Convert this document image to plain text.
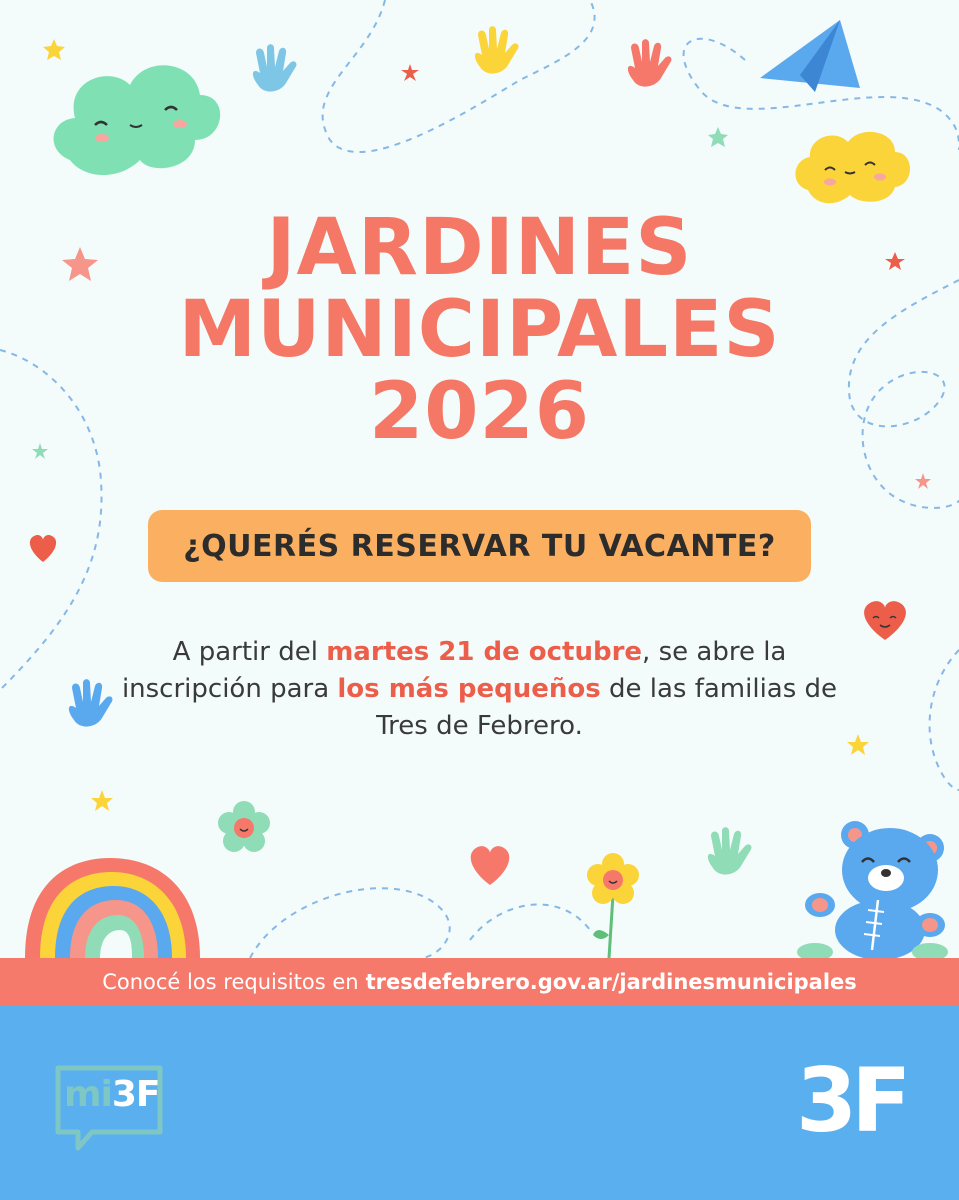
JARDINES
MUNICIPALES
2026
¿QUERÉS RESERVAR TU VACANTE?
A partir del martes 21 de octubre, se abre la inscripción para los más pequeños de las familias de Tres de Febrero.
Conocé los requisitos en tresdefebrero.gov.ar/jardinesmunicipales
mi3F	3F
